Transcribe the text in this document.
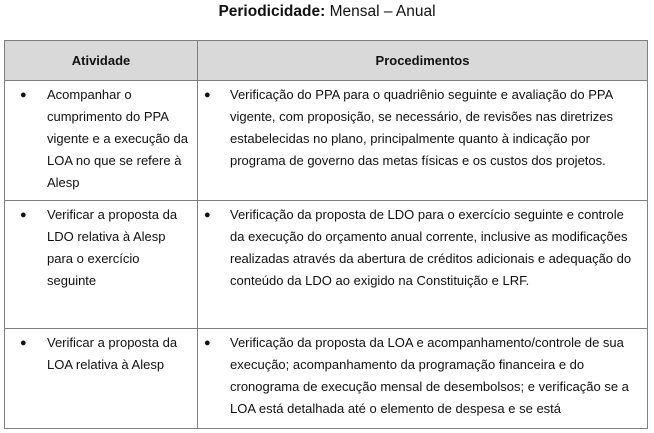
Periodicidade: Mensal – Anual
Atividade	Procedimentos

● Acompanhar o cumprimento do PPA vigente e a execução da LOA no que se refere à Alesp	● Verificação do PPA para o quadriênio seguinte e avaliação do PPA vigente, com proposição, se necessário, de revisões nas diretrizes estabelecidas no plano, principalmente quanto à indicação por programa de governo das metas físicas e os custos dos projetos.

● Verificar a proposta da LDO relativa à Alesp para o exercício seguinte	● Verificação da proposta de LDO para o exercício seguinte e controle da execução do orçamento anual corrente, inclusive as modificações realizadas através da abertura de créditos adicionais e adequação do conteúdo da LDO ao exigido na Constituição e LRF.

● Verificar a proposta da LOA relativa à Alesp	● Verificação da proposta da LOA e acompanhamento/controle de sua execução; acompanhamento da programação financeira e do cronograma de execução mensal de desembolsos; e verificação se a LOA está detalhada até o elemento de despesa e se está
